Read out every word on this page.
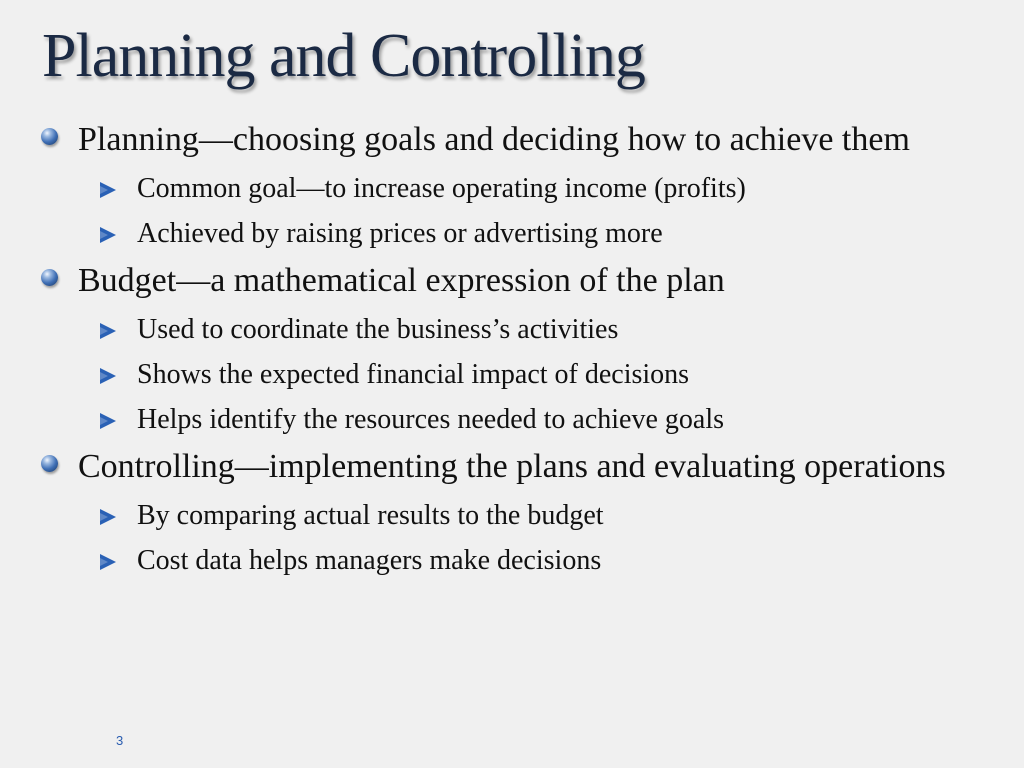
Planning and Controlling
Planning—choosing goals and deciding how to achieve them
Common goal—to increase operating income (profits)
Achieved by raising prices or advertising more
Budget—a mathematical expression of the plan
Used to coordinate the business’s activities
Shows the expected financial impact of decisions
Helps identify the resources needed to achieve goals
Controlling—implementing the plans and evaluating operations
By comparing actual results to the budget
Cost data helps managers make decisions
3
